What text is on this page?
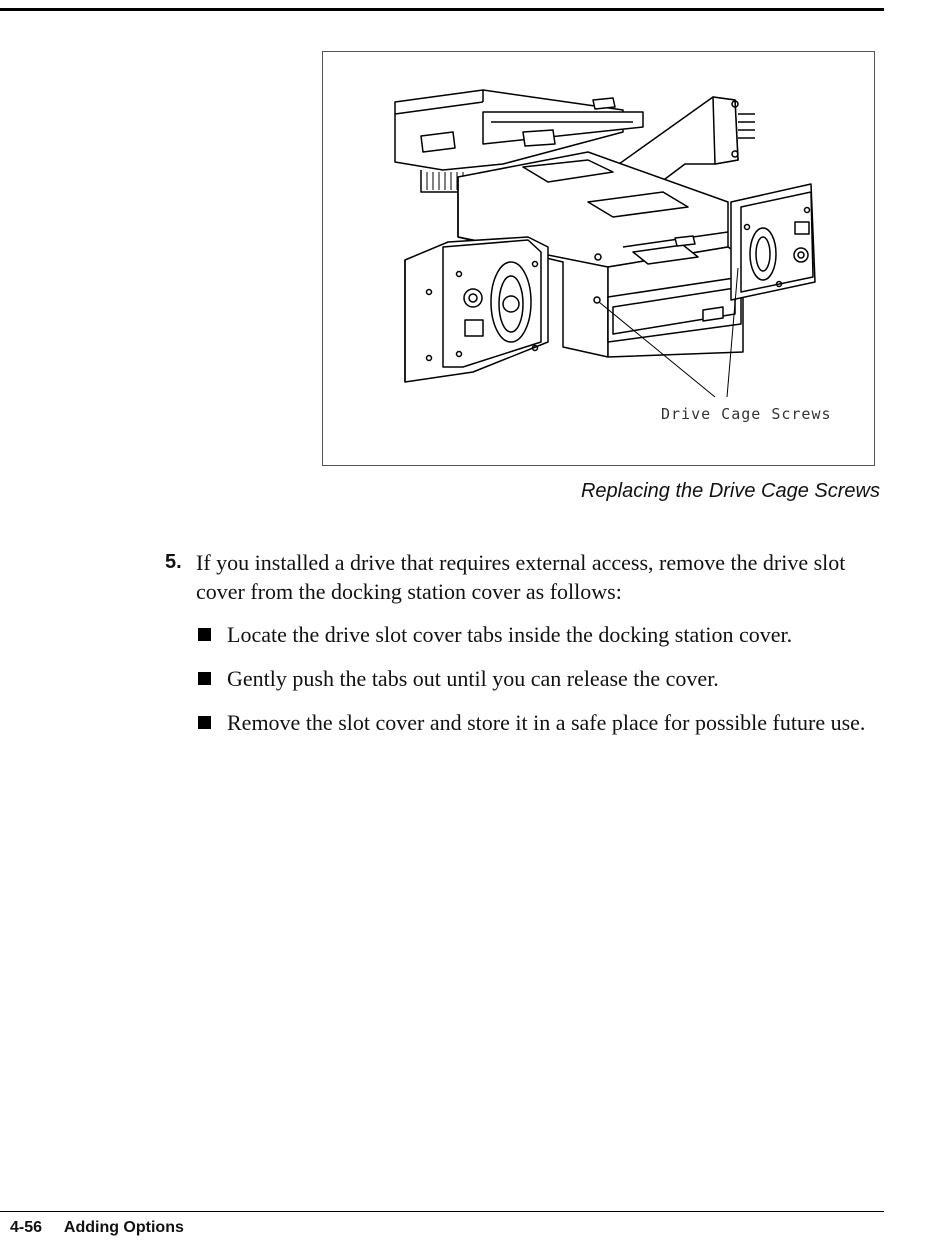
Drive Cage Screws
Replacing the Drive Cage Screws
5. If you installed a drive that requires external access, remove the drive slot cover from the docking station cover as follows:
Locate the drive slot cover tabs inside the docking station cover.
Gently push the tabs out until you can release the cover.
Remove the slot cover and store it in a safe place for possible future use.
4-56 Adding Options
